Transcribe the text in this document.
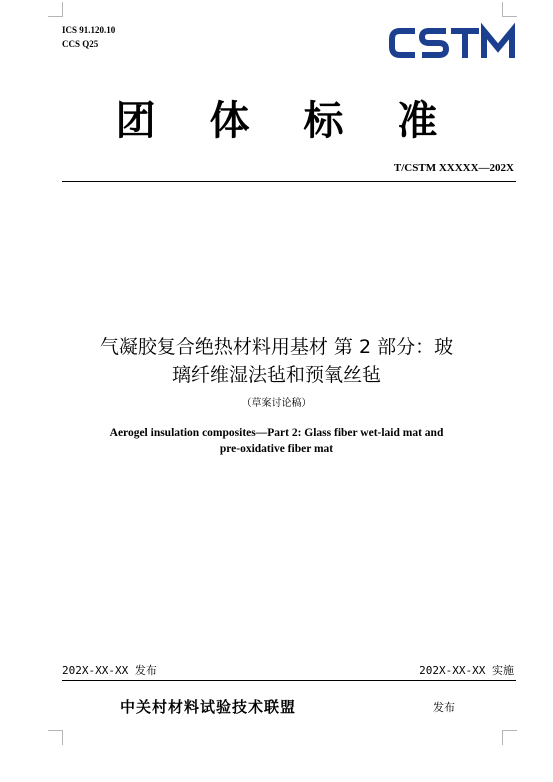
ICS 91.120.10
CCS Q25
团 体 标 准
T/CSTM XXXXX—202X
气凝胶复合绝热材料用基材 第 2 部分：玻
璃纤维湿法毡和预氧丝毡
（草案讨论稿）
Aerogel insulation composites—Part 2: Glass fiber wet-laid mat and
pre-oxidative fiber mat
202X-XX-XX 发布	202X-XX-XX 实施
中关村材料试验技术联盟	发布
